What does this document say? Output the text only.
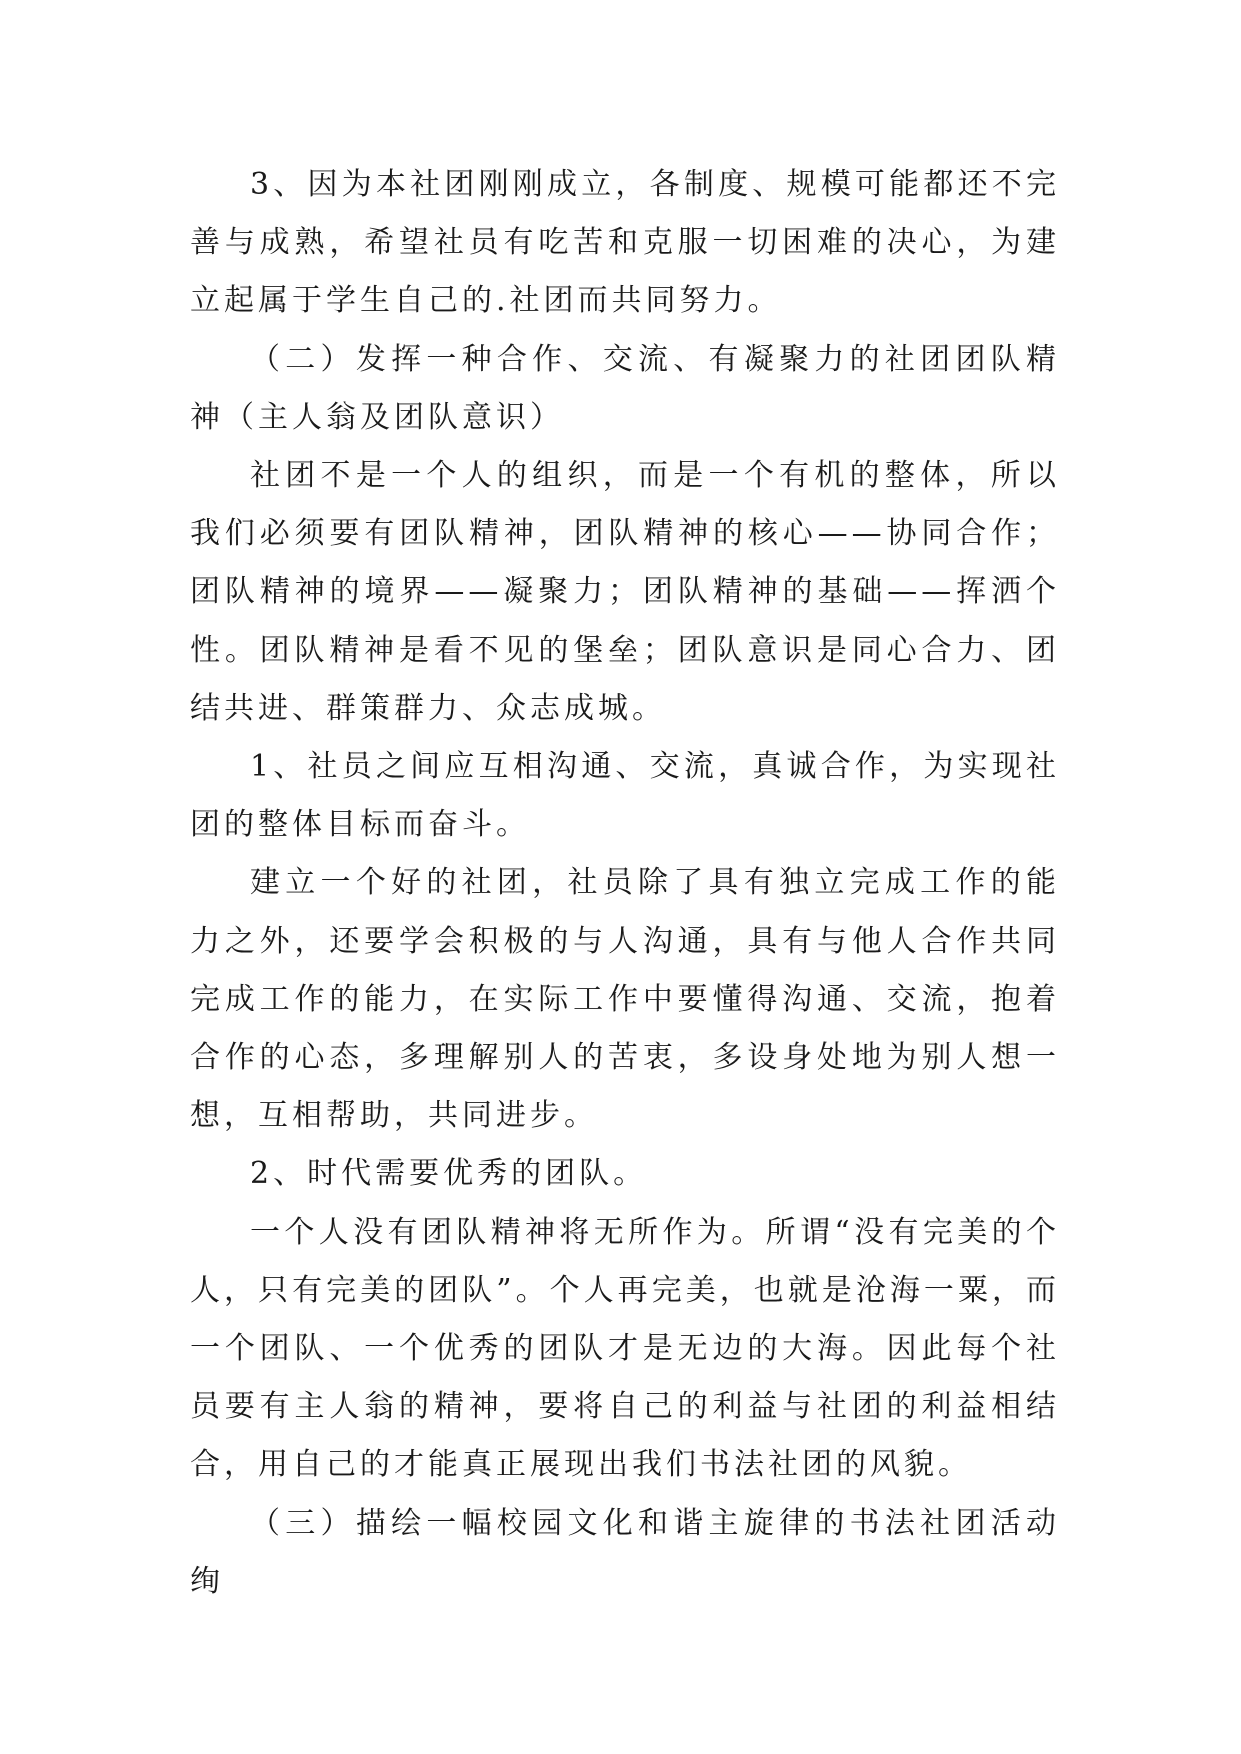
3、因为本社团刚刚成立，各制度、规模可能都还不完善与成熟，希望社员有吃苦和克服一切困难的决心，为建立起属于学生自己的.社团而共同努力。

（二）发挥一种合作、交流、有凝聚力的社团团队精神（主人翁及团队意识）

社团不是一个人的组织，而是一个有机的整体，所以我们必须要有团队精神，团队精神的核心——协同合作；团队精神的境界——凝聚力；团队精神的基础——挥洒个性。团队精神是看不见的堡垒；团队意识是同心合力、团结共进、群策群力、众志成城。

1、社员之间应互相沟通、交流，真诚合作，为实现社团的整体目标而奋斗。

建立一个好的社团，社员除了具有独立完成工作的能力之外，还要学会积极的与人沟通，具有与他人合作共同完成工作的能力，在实际工作中要懂得沟通、交流，抱着合作的心态，多理解别人的苦衷，多设身处地为别人想一想，互相帮助，共同进步。

2、时代需要优秀的团队。

一个人没有团队精神将无所作为。所谓“没有完美的个人，只有完美的团队”。个人再完美，也就是沧海一粟，而一个团队、一个优秀的团队才是无边的大海。因此每个社员要有主人翁的精神，要将自己的利益与社团的利益相结合，用自己的才能真正展现出我们书法社团的风貌。

（三）描绘一幅校园文化和谐主旋律的书法社团活动绚
